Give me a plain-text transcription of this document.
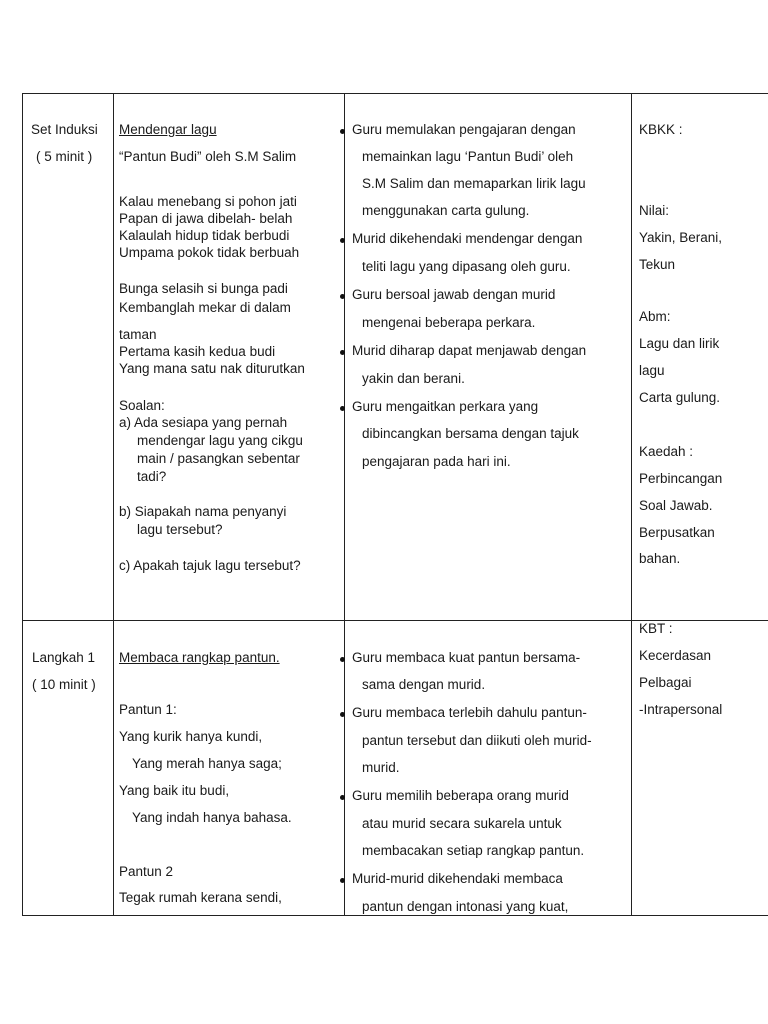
Set Induksi
( 5 minit )
Mendengar lagu
“Pantun Budi” oleh S.M Salim
Kalau menebang si pohon jati
Papan di jawa dibelah- belah
Kalaulah hidup tidak berbudi
Umpama pokok tidak berbuah
Bunga selasih si bunga padi
Kembanglah mekar di dalam
taman
Pertama kasih kedua budi
Yang mana satu nak diturutkan
Soalan:
a) Ada sesiapa yang pernah
mendengar lagu yang cikgu
main / pasangkan sebentar
tadi?
b) Siapakah nama penyanyi
lagu tersebut?
c) Apakah tajuk lagu tersebut?
Guru memulakan pengajaran dengan
memainkan lagu ‘Pantun Budi’ oleh
S.M Salim dan memaparkan lirik lagu
menggunakan carta gulung.
Murid dikehendaki mendengar dengan
teliti lagu yang dipasang oleh guru.
Guru bersoal jawab dengan murid
mengenai beberapa perkara.
Murid diharap dapat menjawab dengan
yakin dan berani.
Guru mengaitkan perkara yang
dibincangkan bersama dengan tajuk
pengajaran pada hari ini.
KBKK :
Nilai:
Yakin, Berani,
Tekun
Abm:
Lagu dan lirik
lagu
Carta gulung.
Kaedah :
Perbincangan
Soal Jawab.
Berpusatkan
bahan.
Langkah 1
( 10 minit )
Membaca rangkap pantun.
Pantun 1:
Yang kurik hanya kundi,
Yang merah hanya saga;
Yang baik itu budi,
Yang indah hanya bahasa.
Pantun 2
Tegak rumah kerana sendi,
Guru membaca kuat pantun bersama-
sama dengan murid.
Guru membaca terlebih dahulu pantun-
pantun tersebut dan diikuti oleh murid-
murid.
Guru memilih beberapa orang murid
atau murid secara sukarela untuk
membacakan setiap rangkap pantun.
Murid-murid dikehendaki membaca
pantun dengan intonasi yang kuat,
KBT :
Kecerdasan
Pelbagai
-Intrapersonal
